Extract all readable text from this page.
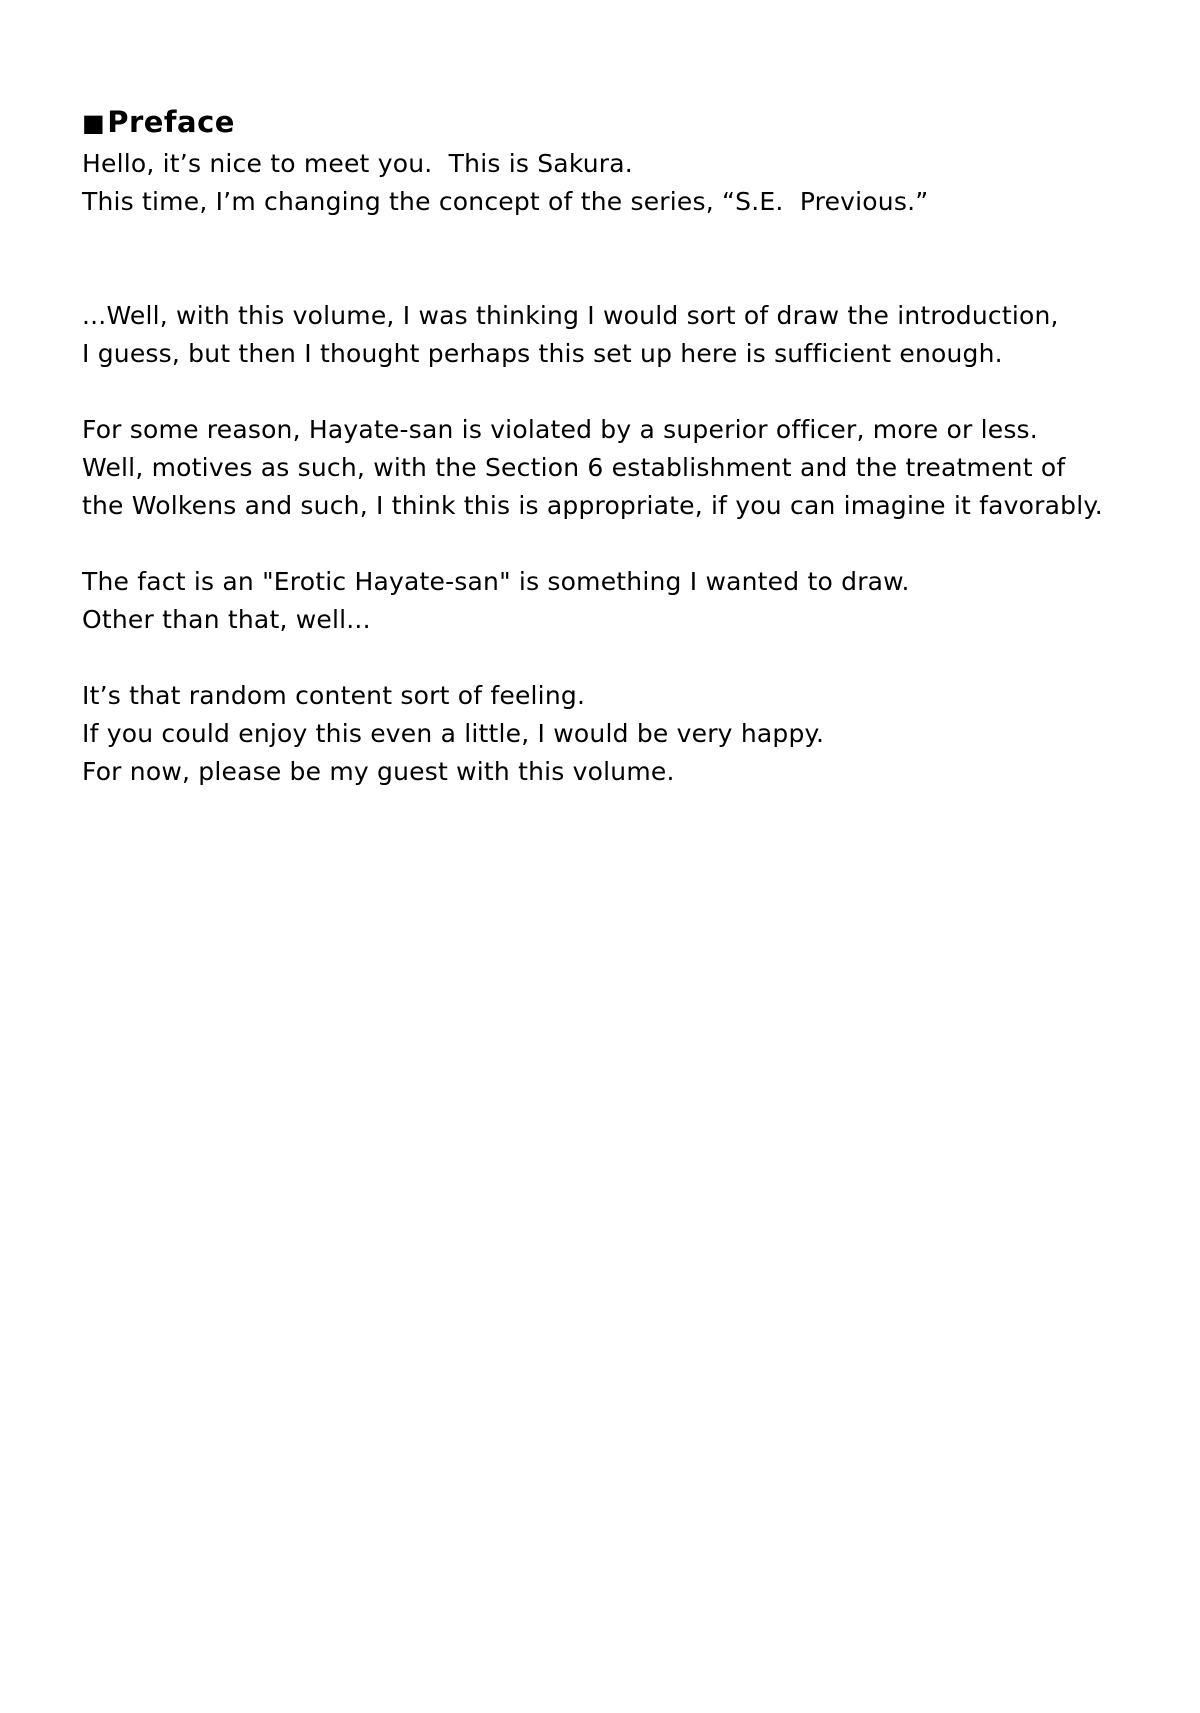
■Preface
Hello, it’s nice to meet you.  This is Sakura.
This time, I’m changing the concept of the series, “S.E.  Previous.”
...Well, with this volume, I was thinking I would sort of draw the introduction,
I guess, but then I thought perhaps this set up here is sufficient enough.
For some reason, Hayate-san is violated by a superior officer, more or less.
Well, motives as such, with the Section 6 establishment and the treatment of
the Wolkens and such, I think this is appropriate, if you can imagine it favorably.
The fact is an "Erotic Hayate-san" is something I wanted to draw.
Other than that, well...
It’s that random content sort of feeling.
If you could enjoy this even a little, I would be very happy.
For now, please be my guest with this volume.
